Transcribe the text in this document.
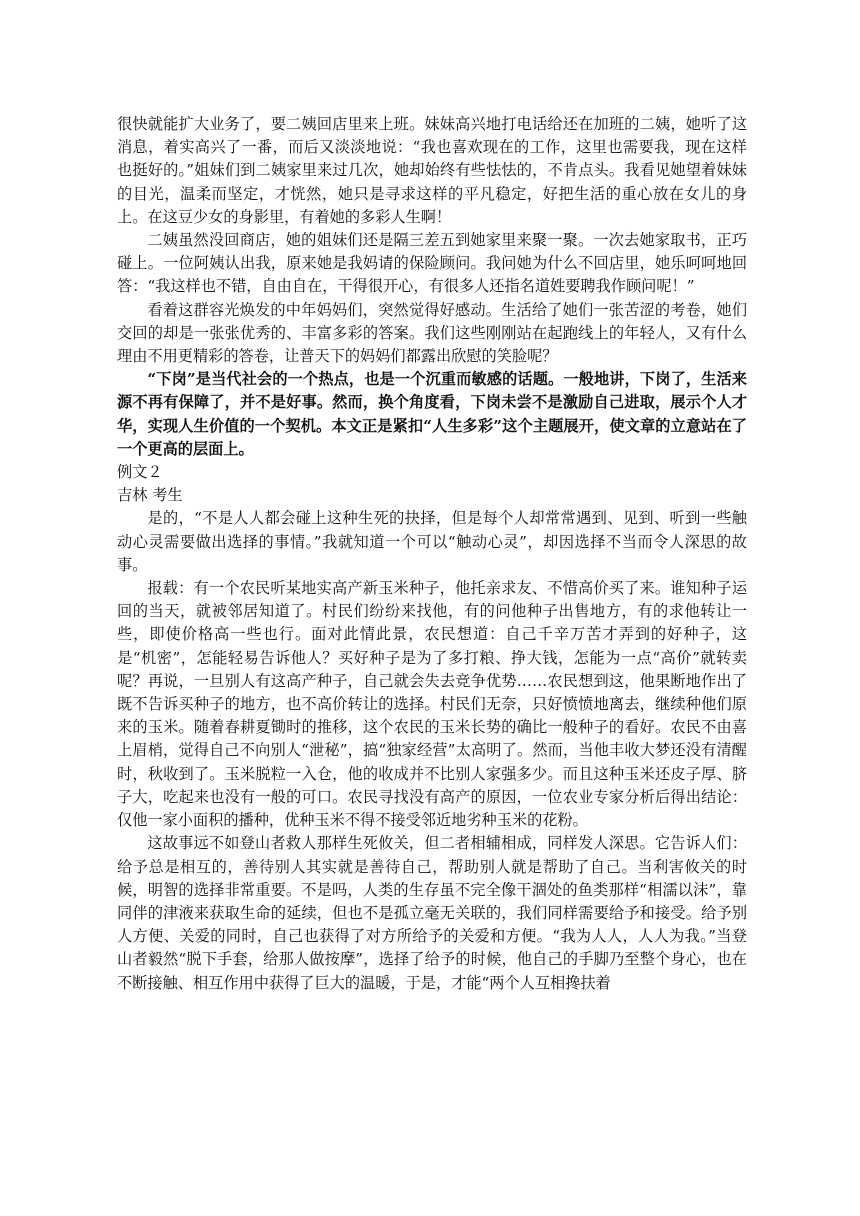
很快就能扩大业务了，要二姨回店里来上班。妹妹高兴地打电话给还在加班的二姨，她听了这消息，着实高兴了一番，而后又淡淡地说：“我也喜欢现在的工作，这里也需要我，现在这样也挺好的。”姐妹们到二姨家里来过几次，她却始终有些怯怯的，不肯点头。我看见她望着妹妹的目光，温柔而坚定，才恍然，她只是寻求这样的平凡稳定，好把生活的重心放在女儿的身上。在这豆少女的身影里，有着她的多彩人生啊！

二姨虽然没回商店，她的姐妹们还是隔三差五到她家里来聚一聚。一次去她家取书，正巧碰上。一位阿姨认出我，原来她是我妈请的保险顾问。我问她为什么不回店里，她乐呵呵地回答：“我这样也不错，自由自在，干得很开心，有很多人还指名道姓要聘我作顾问呢！”

看着这群容光焕发的中年妈妈们，突然觉得好感动。生活给了她们一张苦涩的考卷，她们交回的却是一张张优秀的、丰富多彩的答案。我们这些刚刚站在起跑线上的年轻人，又有什么理由不用更精彩的答卷，让普天下的妈妈们都露出欣慰的笑脸呢？

“下岗”是当代社会的一个热点，也是一个沉重而敏感的话题。一般地讲，下岗了，生活来源不再有保障了，并不是好事。然而，换个角度看，下岗未尝不是激励自己进取，展示个人才华，实现人生价值的一个契机。本文正是紧扣“人生多彩”这个主题展开，使文章的立意站在了一个更高的层面上。

例文２

吉林 考生

是的，“不是人人都会碰上这种生死的抉择，但是每个人却常常遇到、见到、听到一些触动心灵需要做出选择的事情。”我就知道一个可以“触动心灵”，却因选择不当而令人深思的故事。

报载：有一个农民听某地实高产新玉米种子，他托亲求友、不惜高价买了来。谁知种子运回的当天，就被邻居知道了。村民们纷纷来找他，有的问他种子出售地方，有的求他转让一些，即使价格高一些也行。面对此情此景，农民想道：自己千辛万苦才弄到的好种子，这是“机密”，怎能轻易告诉他人？买好种子是为了多打粮、挣大钱，怎能为一点“高价”就转卖呢？再说，一旦别人有这高产种子，自己就会失去竞争优势……农民想到这，他果断地作出了既不告诉买种子的地方，也不高价转让的选择。村民们无奈，只好愤愤地离去，继续种他们原来的玉米。随着春耕夏锄时的推移，这个农民的玉米长势的确比一般种子的看好。农民不由喜上眉梢，觉得自己不向别人“泄秘”，搞“独家经营”太高明了。然而，当他丰收大梦还没有清醒时，秋收到了。玉米脱粒一入仓，他的收成并不比别人家强多少。而且这种玉米还皮子厚、脐子大，吃起来也没有一般的可口。农民寻找没有高产的原因，一位农业专家分析后得出结论：仅他一家小面积的播种，优种玉米不得不接受邻近地劣种玉米的花粉。

这故事远不如登山者救人那样生死攸关，但二者相辅相成，同样发人深思。它告诉人们：给予总是相互的，善待别人其实就是善待自己，帮助别人就是帮助了自己。当利害攸关的时候，明智的选择非常重要。不是吗，人类的生存虽不完全像干涸处的鱼类那样“相濡以沫”，靠同伴的津液来获取生命的延续，但也不是孤立毫无关联的，我们同样需要给予和接受。给予别人方便、关爱的同时，自己也获得了对方所给予的关爱和方便。“我为人人，人人为我。”当登山者毅然“脱下手套，给那人做按摩”，选择了给予的时候，他自己的手脚乃至整个身心，也在不断接触、相互作用中获得了巨大的温暖，于是，才能“两个人互相搀扶着
